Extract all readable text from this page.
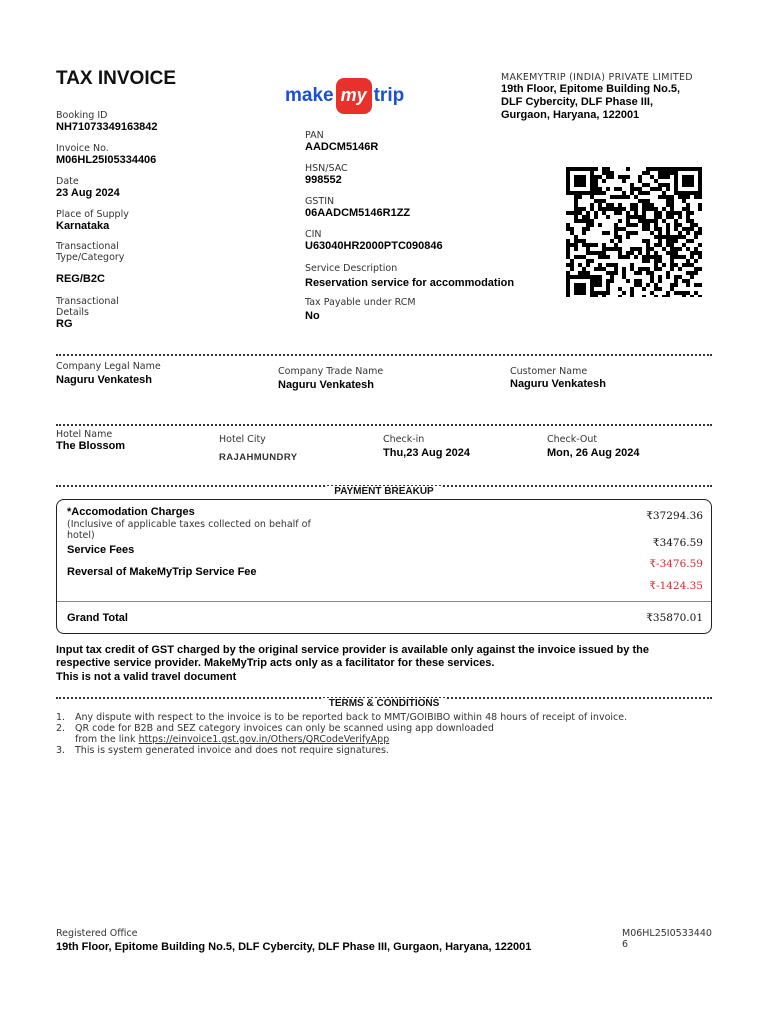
TAX INVOICE
make my trip
MAKEMYTRIP (INDIA) PRIVATE LIMITED
19th Floor, Epitome Building No.5,
DLF Cybercity, DLF Phase III,
Gurgaon, Haryana, 122001
Booking ID
NH71073349163842
Invoice No.
M06HL25I05334406
Date
23 Aug 2024
Place of Supply
Karnataka
Transactional Type/Category
REG/B2C
Transactional Details
RG
PAN
AADCM5146R
HSN/SAC
998552
GSTIN
06AADCM5146R1ZZ
CIN
U63040HR2000PTC090846
Service Description
Reservation service for accommodation
Tax Payable under RCM
No
Company Legal Name
Naguru Venkatesh
Company Trade Name
Naguru Venkatesh
Customer Name
Naguru Venkatesh
Hotel Name
The Blossom
Hotel City
RAJAHMUNDRY
Check-in
Thu,23 Aug 2024
Check-Out
Mon, 26 Aug 2024
PAYMENT BREAKUP
*Accomodation Charges
(Inclusive of applicable taxes collected on behalf of hotel)
₹37294.36
Service Fees
₹3476.59
Reversal of MakeMyTrip Service Fee
₹-3476.59
₹-1424.35
Grand Total	₹35870.01
Input tax credit of GST charged by the original service provider is available only against the invoice issued by the respective service provider. MakeMyTrip acts only as a facilitator for these services.
This is not a valid travel document
TERMS & CONDITIONS
1.	Any dispute with respect to the invoice is to be reported back to MMT/GOIBIBO within 48 hours of receipt of invoice.
2.	QR code for B2B and SEZ category invoices can only be scanned using app downloaded
from the link https://einvoice1.gst.gov.in/Others/QRCodeVerifyApp
3.	This is system generated invoice and does not require signatures.
Registered Office
19th Floor, Epitome Building No.5, DLF Cybercity, DLF Phase III, Gurgaon, Haryana, 122001
M06HL25I0533440
6
